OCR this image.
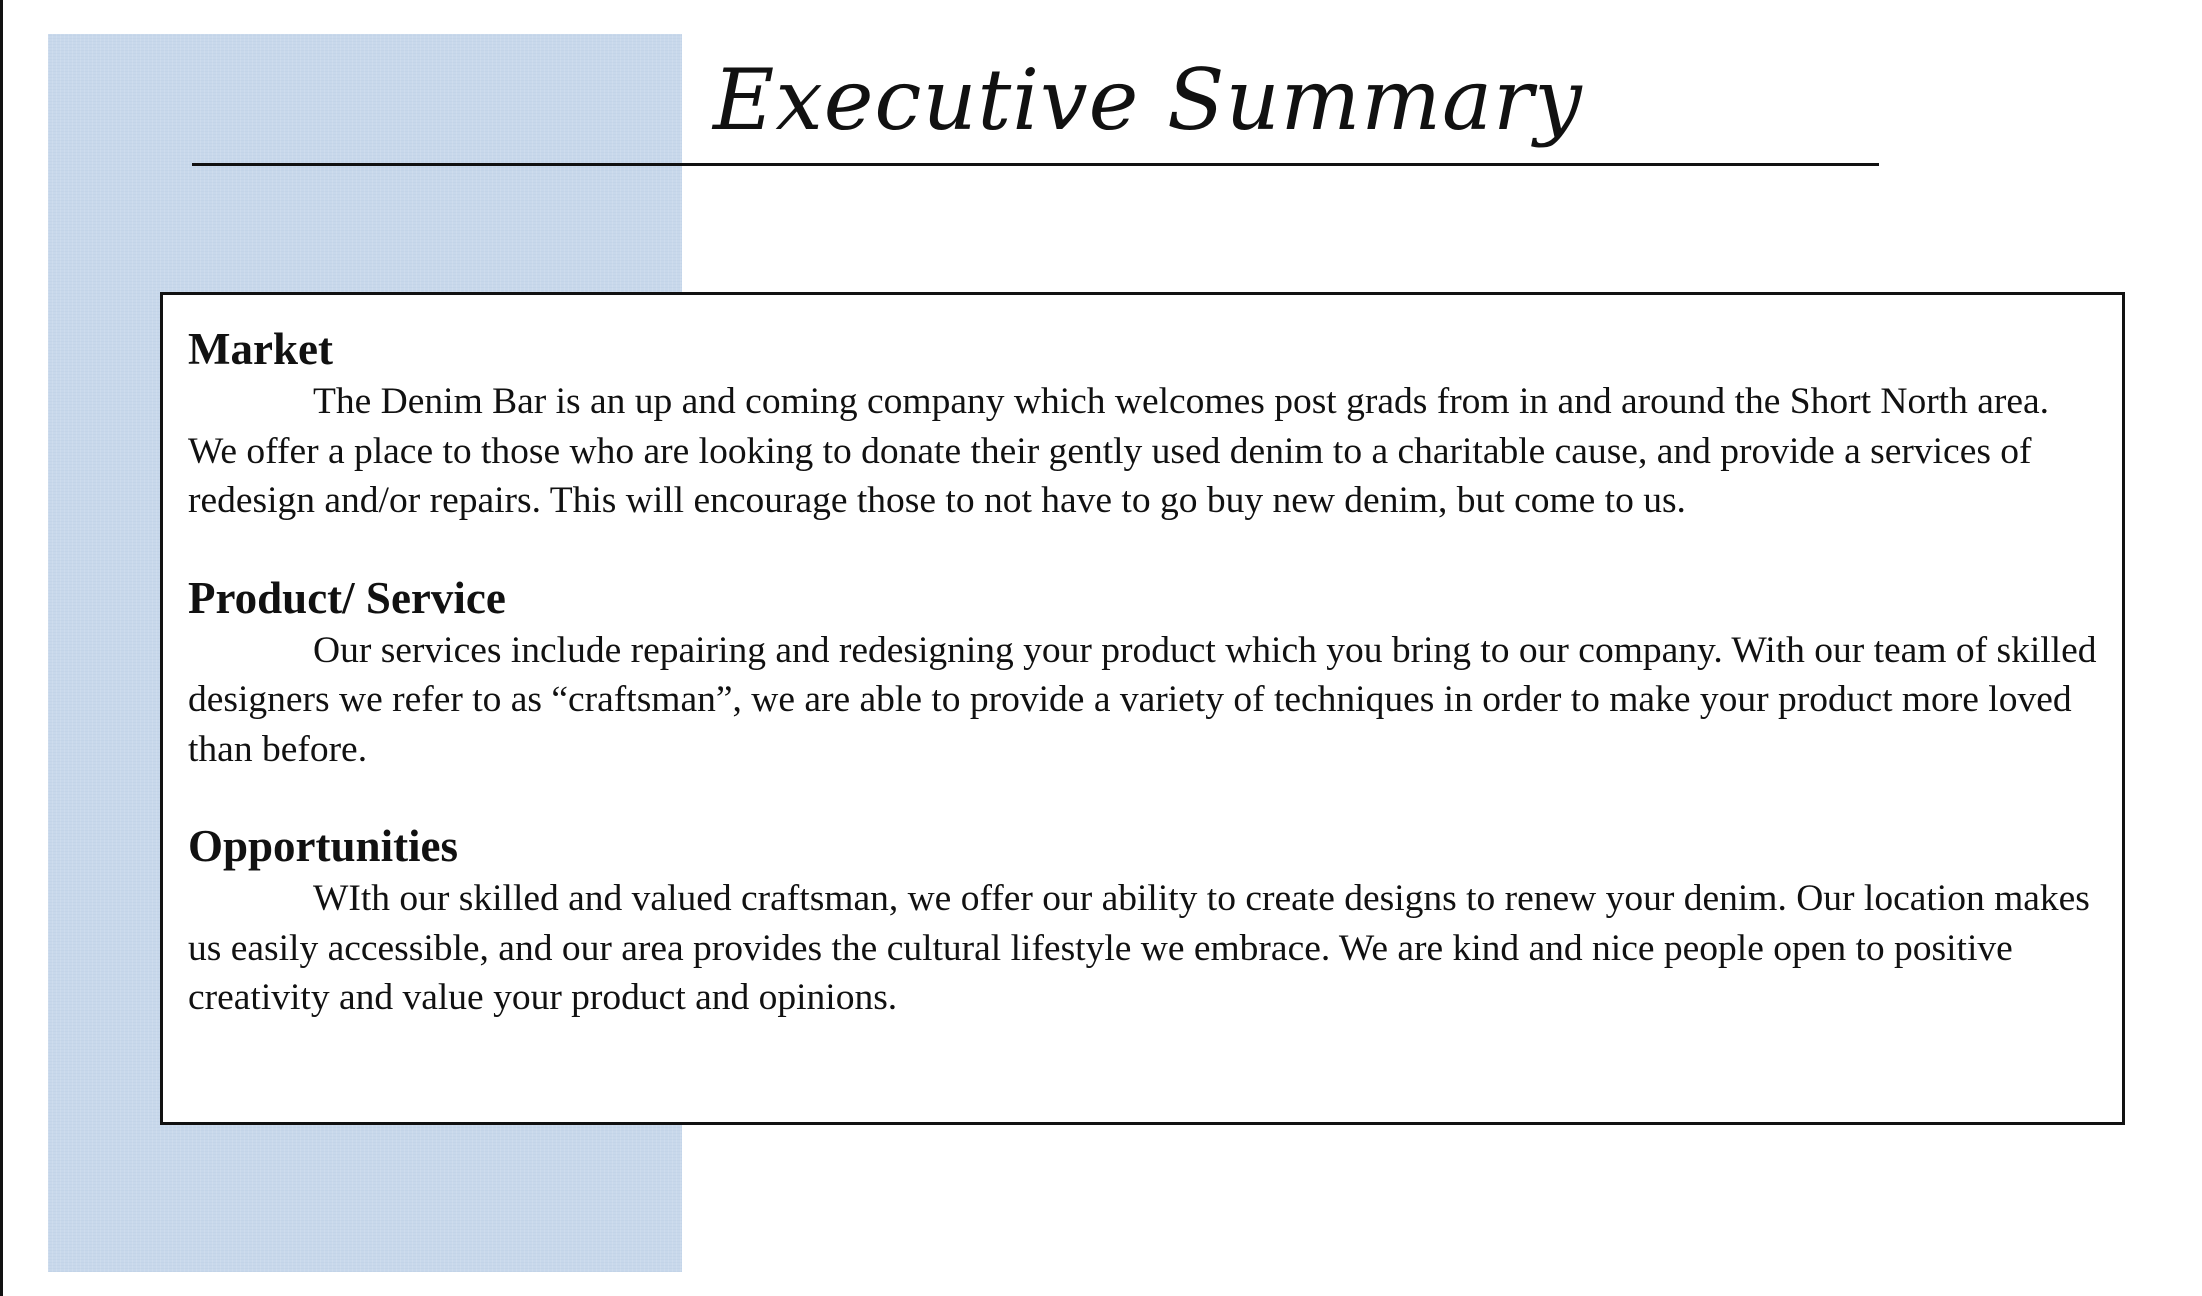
Executive Summary
Market

The Denim Bar is an up and coming company which welcomes post grads from in and around the Short North area. We offer a place to those who are looking to donate their gently used denim to a charitable cause, and provide a services of redesign and/or repairs. This will encourage those to not have to go buy new denim, but come to us.

Product/ Service

Our services include repairing and redesigning your product which you bring to our company. With our team of skilled designers we refer to as “craftsman”, we are able to provide a variety of techniques in order to make your product more loved than before.

Opportunities

WIth our skilled and valued craftsman, we offer our ability to create designs to renew your denim. Our location makes us easily accessible, and our area provides the cultural lifestyle we embrace. We are kind and nice people open to positive creativity and value your product and opinions.
